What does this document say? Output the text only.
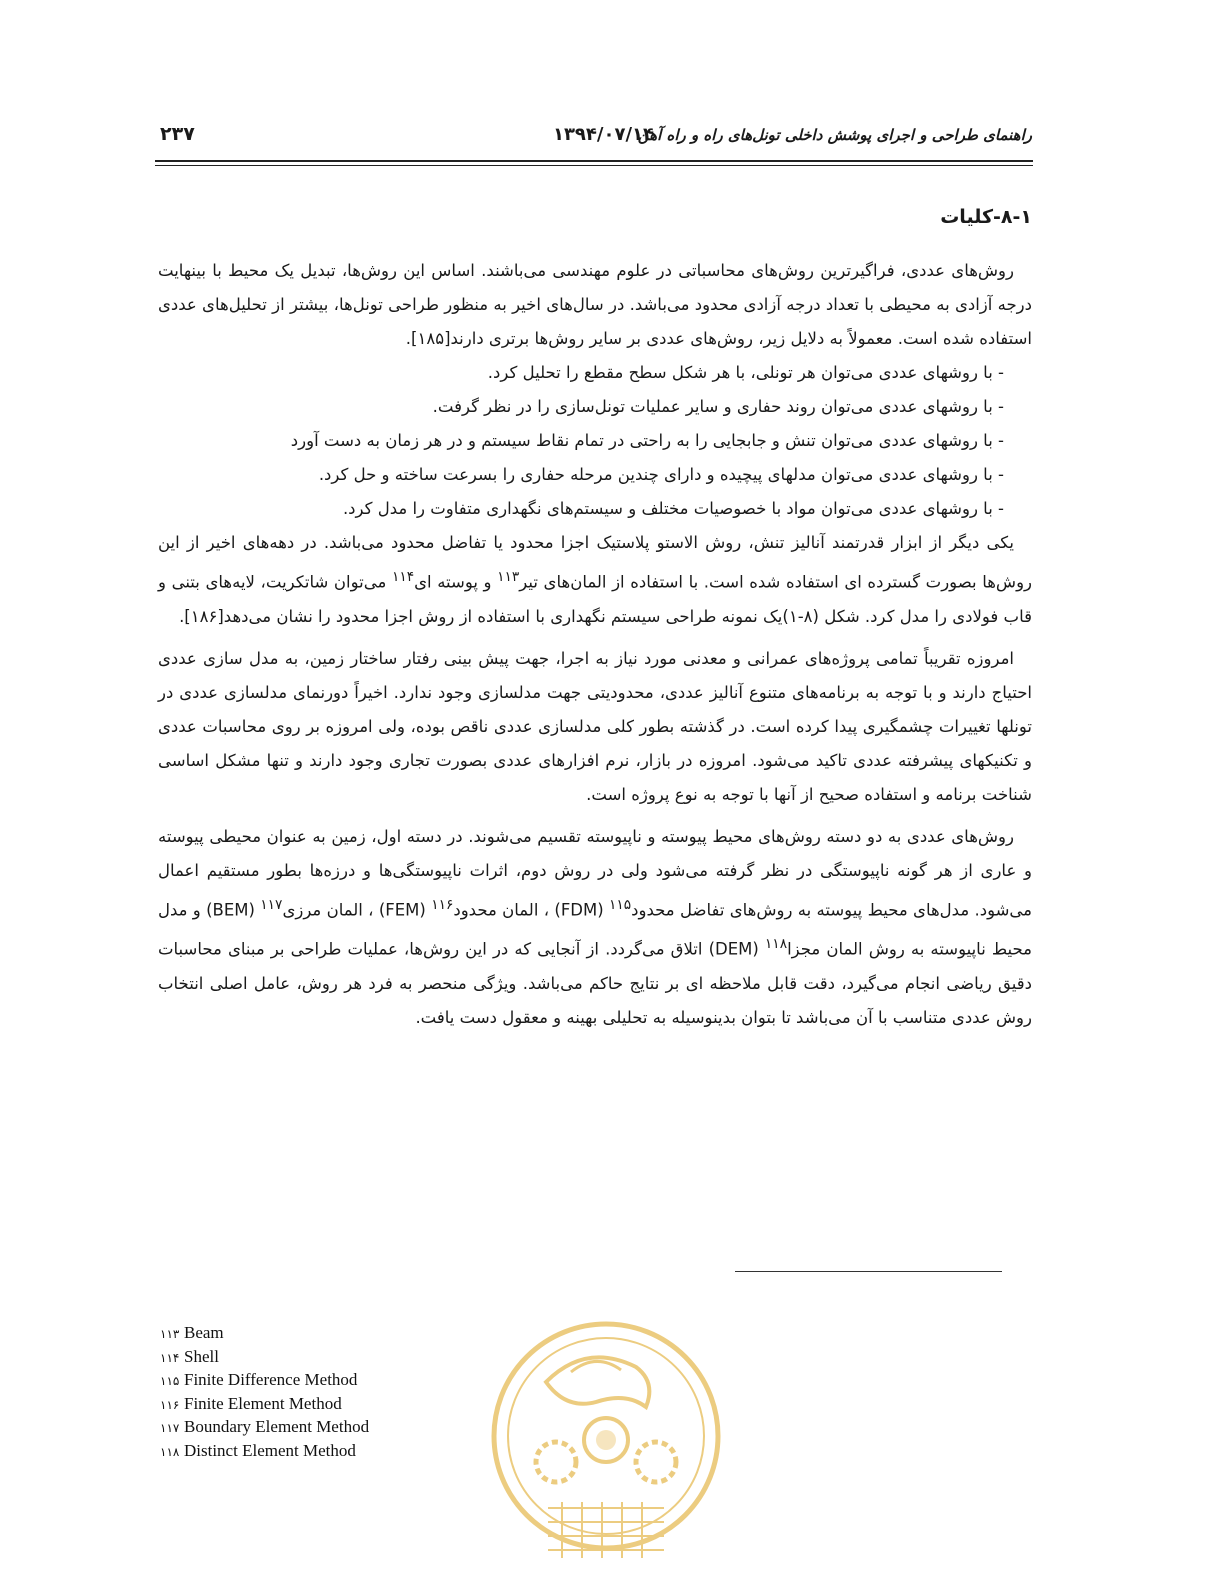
راهنمای طراحی و اجرای پوشش داخلی تونل‌های راه و راه آهن
۱۳۹۴/۰۷/۱۴
۲۳۷
۸-۱-کلیات

روش‌های عددی، فراگیرترین روش‌های محاسباتی در علوم مهندسی می‌باشند. اساس این روش‌ها، تبدیل یک محیط با بینهایت درجه آزادی به محیطی با تعداد درجه آزادی محدود می‌باشد. در سال‌های اخیر به منظور طراحی تونل‌ها، بیشتر از تحلیل‌های عددی استفاده شده است. معمولاً به دلایل زیر، روش‌های عددی بر سایر روش‌ها برتری دارند[۱۸۵].

- با روشهای عددی می‌توان هر تونلی، با هر شکل سطح مقطع را تحلیل کرد.
- با روشهای عددی می‌توان روند حفاری و سایر عملیات تونل‌سازی را در نظر گرفت.
- با روشهای عددی می‌توان تنش و جابجایی را به راحتی در تمام نقاط سیستم و در هر زمان به دست آورد
- با روشهای عددی می‌توان مدلهای پیچیده و دارای چندین مرحله حفاری را بسرعت ساخته و حل کرد.
- با روشهای عددی می‌توان مواد با خصوصیات مختلف و سیستم‌های نگهداری متفاوت را مدل کرد.

یکی دیگر از ابزار قدرتمند آنالیز تنش، روش الاستو پلاستیک اجزا محدود یا تفاضل محدود می‌باشد. در دهه‌های اخیر از این روش‌ها بصورت گسترده ای استفاده شده است. با استفاده از المان‌های تیر$^{۱۱۳}$ و پوسته ای$^{۱۱۴}$ می‌توان شاتکریت، لایه‌های بتنی و قاب فولادی را مدل کرد. شکل (۸-۱)یک نمونه طراحی سیستم نگهداری با استفاده از روش اجزا محدود را نشان می‌دهد[۱۸۶].

امروزه تقریباً تمامی پروژه‌های عمرانی و معدنی مورد نیاز به اجرا، جهت پیش بینی رفتار ساختار زمین، به مدل سازی عددی احتیاج دارند و با توجه به برنامه‌های متنوع آنالیز عددی، محدودیتی جهت مدلسازی وجود ندارد. اخیراً دورنمای مدلسازی عددی در تونلها تغییرات چشمگیری پیدا کرده است. در گذشته بطور کلی مدلسازی عددی ناقص بوده، ولی امروزه بر روی محاسبات عددی و تکنیکهای پیشرفته عددی تاکید می‌شود. امروزه در بازار، نرم افزارهای عددی بصورت تجاری وجود دارند و تنها مشکل اساسی شناخت برنامه و استفاده صحیح از آنها با توجه به نوع پروژه است.

روش‌های عددی به دو دسته روش‌های محیط پیوسته و ناپیوسته تقسیم می‌شوند. در دسته اول، زمین به عنوان محیطی پیوسته و عاری از هر گونه ناپیوستگی در نظر گرفته می‌شود ولی در روش دوم، اثرات ناپیوستگی‌ها و درزه‌ها بطور مستقیم اعمال می‌شود. مدل‌های محیط پیوسته به روش‌های تفاضل محدود$^{۱۱۵}$ (FDM) ، المان محدود$^{۱۱۶}$ (FEM) ، المان مرزی$^{۱۱۷}$ (BEM) و مدل محیط ناپیوسته به روش المان مجزا$^{۱۱۸}$ (DEM) اتلاق می‌گردد. از آنجایی که در این روش‌ها، عملیات طراحی بر مبنای محاسبات دقیق ریاضی انجام می‌گیرد، دقت قابل ملاحظه ای بر نتایج حاکم می‌باشد. ویژگی منحصر به فرد هر روش، عامل اصلی انتخاب روش عددی متناسب با آن می‌باشد تا بتوان بدینوسیله به تحلیلی بهینه و معقول دست یافت.

۱۱۳ Beam
۱۱۴ Shell
۱۱۵ Finite Difference Method
۱۱۶ Finite Element Method
۱۱۷ Boundary Element Method
۱۱۸ Distinct Element Method
